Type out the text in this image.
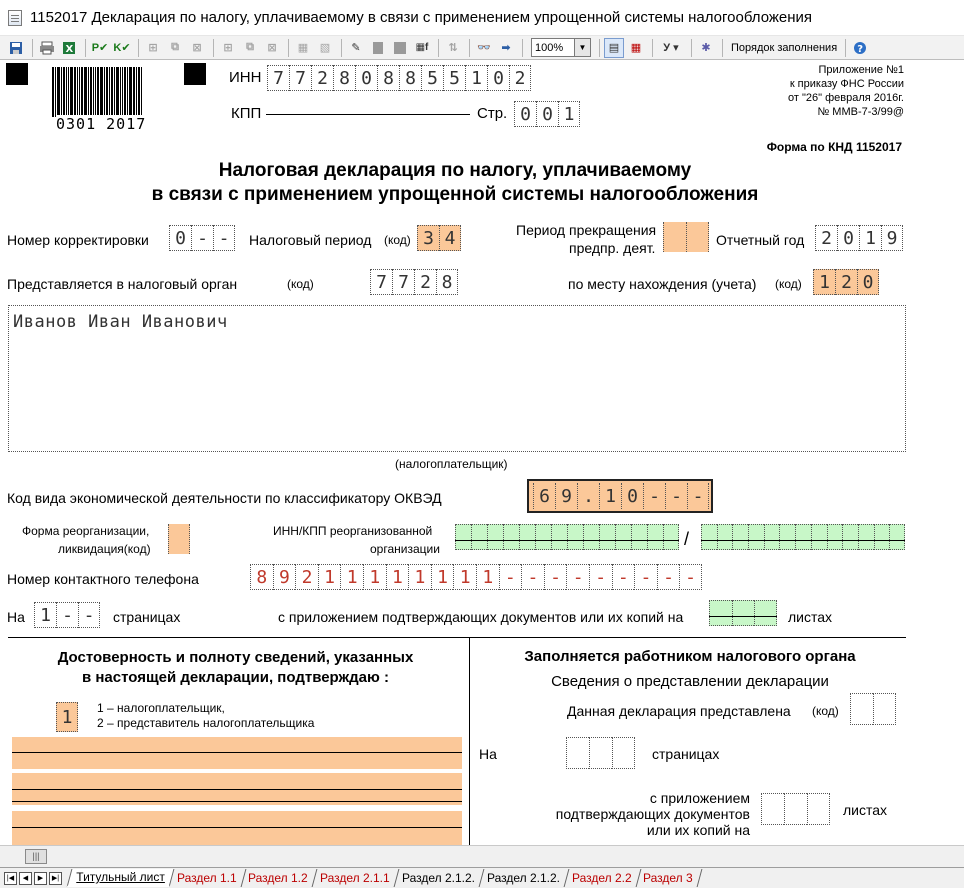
1152017 Декларация по налогу, уплачиваемому в связи с применением упрощенной системы налогообложения
X P✔ K✔	⊞	⧉	⊠	⊞	⧉	⊠	▦	▧	✎	▦f	⇅	👓 ➡	100%	▼	▤	▦	У ▾	✱	Порядок заполнения	?
0301 2017
ИНН 7 7 2 8 0 8 8 5 5 1 0 2
КПП	Стр. 0 0 1
Приложение №1
к приказу ФНС России
от "26" февраля 2016г.
№ ММВ-7-3/99@
Форма по КНД 1152017
Налоговая декларация по налогу, уплачиваемому
в связи с применением упрощенной системы налогообложения
Номер корректировки	0 - -	Налоговый период (код) 3 4	Период прекращения
предпр. деят.	Отчетный год 2 0 1 9
Представляется в налоговый орган	(код)	7 7 2 8	по месту нахождения (учета) (код) 1 2 0
Иванов Иван Иванович
(налогоплательщик)
Код вида экономической деятельности по классификатору ОКВЭД	6 9 . 1 0 - - -
Форма реорганизации,
ликвидация(код)
ИНН/КПП реорганизованной
организации	/
Номер контактного телефона	8 9 2 1 1 1 1 1 1 1 1 - - - - - - - - -
На 1 - -	страницах	с приложением подтверждающих документов или их копий на	листах
Достоверность и полноту сведений, указанных
в настоящей декларации, подтверждаю :
1	1 – налогоплательщик,
2 – представитель налогоплательщика
Заполняется работником налогового органа
Сведения о представлении декларации
Данная декларация представлена (код)
На	страницах
с приложением
подтверждающих документов
или их копий на
листах
|||
|◀	◀	▶	▶| Титульный лист Раздел 1.1 Раздел 1.2 Раздел 2.1.1 Раздел 2.1.2. Раздел 2.1.2. Раздел 2.2 Раздел 3
